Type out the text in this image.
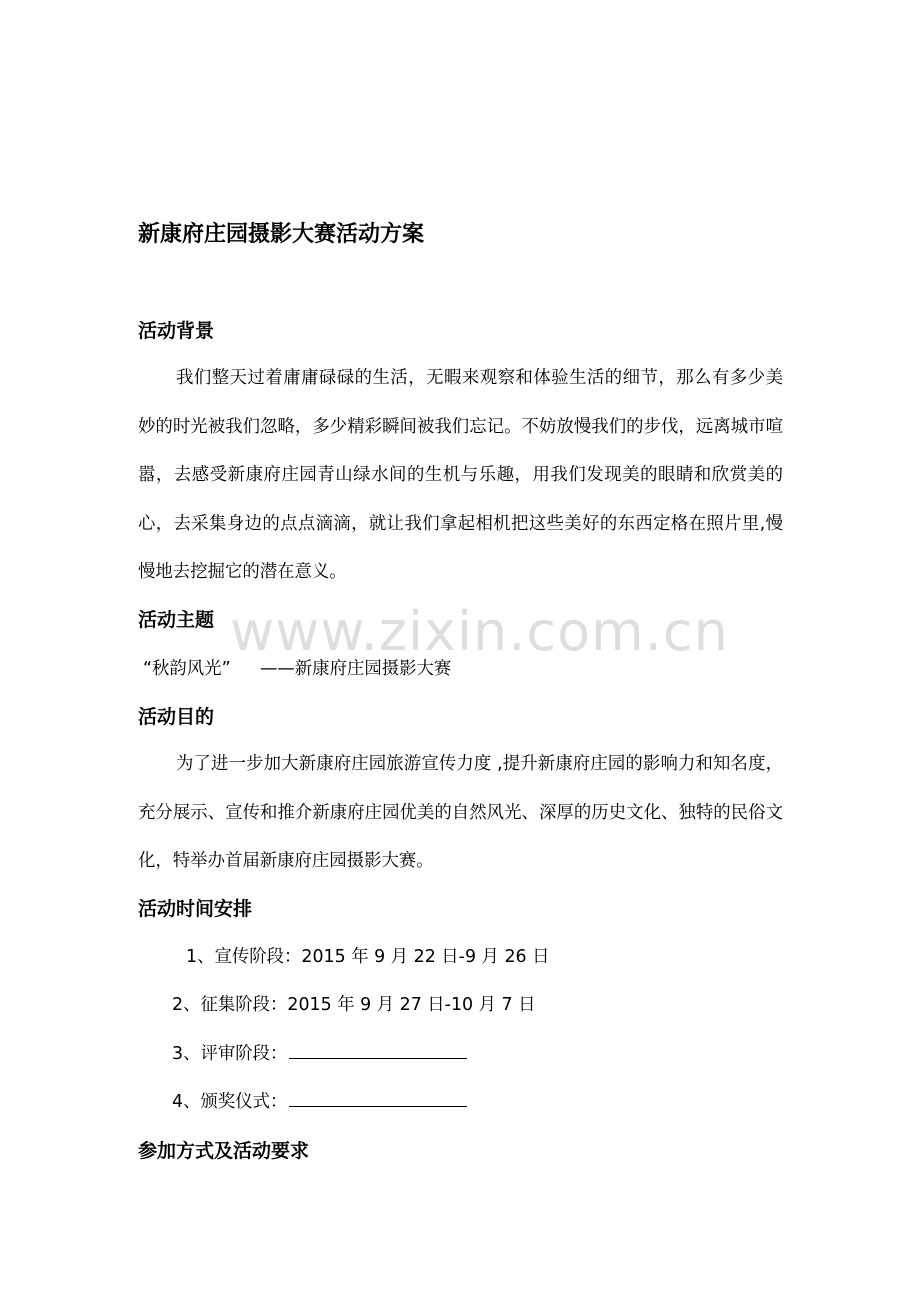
新康府庄园摄影大赛活动方案
活动背景

我们整天过着庸庸碌碌的生活，无暇来观察和体验生活的细节，那么有多少美妙的时光被我们忽略，多少精彩瞬间被我们忘记。不妨放慢我们的步伐，远离城市喧嚣，去感受新康府庄园青山绿水间的生机与乐趣，用我们发现美的眼睛和欣赏美的心，去采集身边的点点滴滴，就让我们拿起相机把这些美好的东西定格在照片里,慢慢地去挖掘它的潜在意义。

活动主题
“秋韵风光” ——新康府庄园摄影大赛
活动目的

为了进一步加大新康府庄园旅游宣传力度 ,提升新康府庄园的影响力和知名度，充分展示、宣传和推介新康府庄园优美的自然风光、深厚的历史文化、独特的民俗文化，特举办首届新康府庄园摄影大赛。

活动时间安排
1、宣传阶段：2015 年 9 月 22 日-9 月 26 日
2、征集阶段：2015 年 9 月 27 日-10 月 7 日
3、评审阶段：
4、颁奖仪式：
参加方式及活动要求
www.zixin.com.cn
